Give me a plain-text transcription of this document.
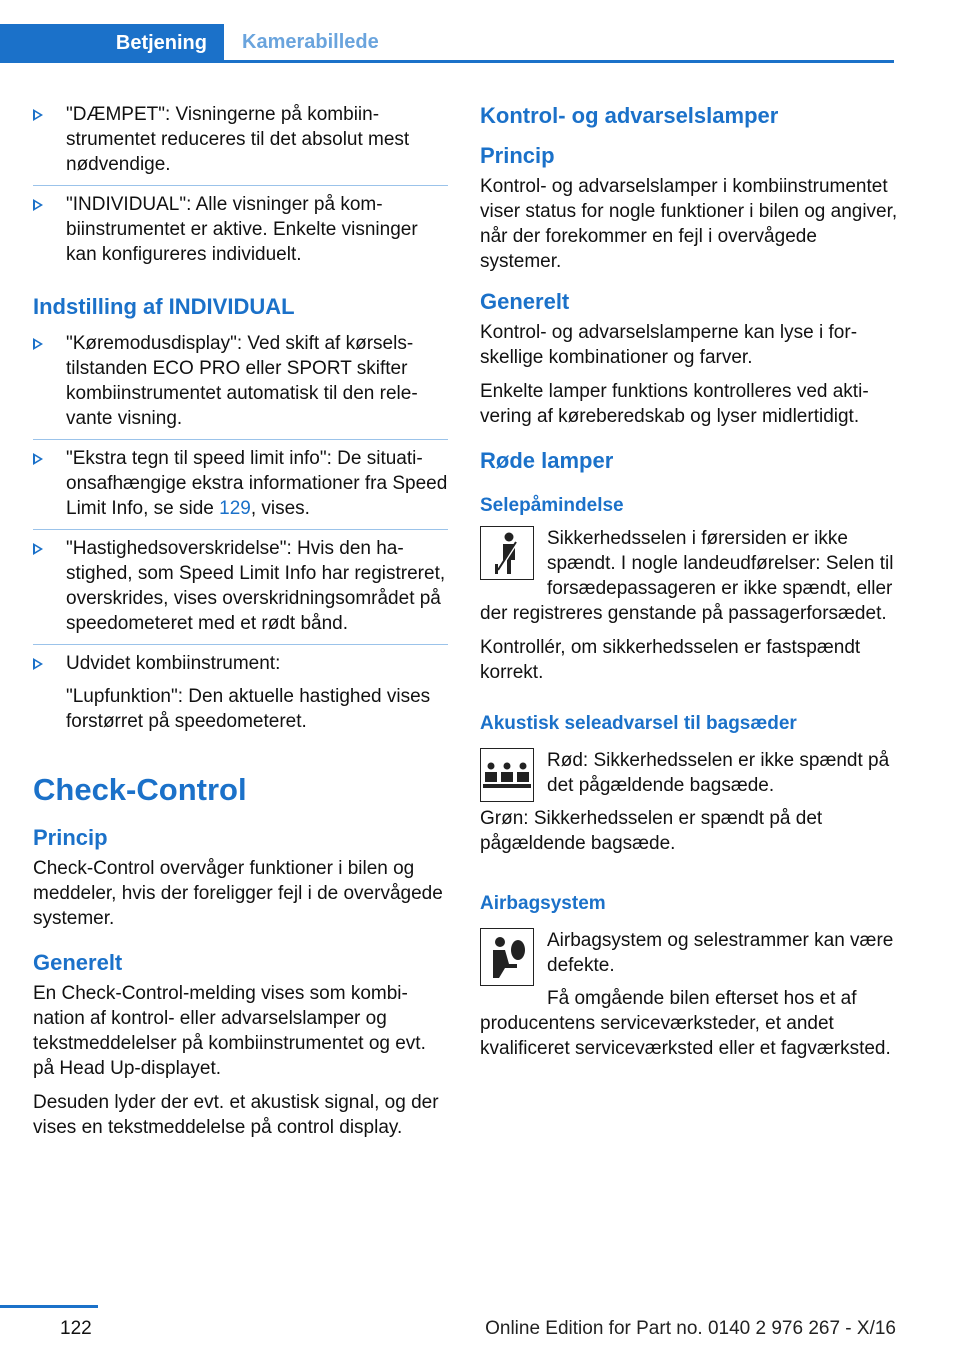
Betjening	Kamerabillede
"DÆMPET": Visningerne på kombiinstrumentet reduceres til det absolut mest nødvendige.
"INDIVIDUAL": Alle visninger på kombiinstrumentet er aktive. Enkelte visninger kan konfigureres individuelt.
Indstilling af INDIVIDUAL
"Køremodusdisplay": Ved skift af kørselstilstanden ECO PRO eller SPORT skifter kombiinstrumentet automatisk til den relevante visning.
"Ekstra tegn til speed limit info": De situationsafhængige ekstra informationer fra Speed Limit Info, se side 129, vises.
"Hastighedsoverskridelse": Hvis den hastighed, som Speed Limit Info har registreret, overskrides, vises overskridningsområdet på speedometeret med et rødt bånd.
Udvidet kombiinstrument:

"Lupfunktion": Den aktuelle hastighed vises forstørret på speedometeret.

Check-Control
Princip

Check-Control overvåger funktioner i bilen og meddeler, hvis der foreligger fejl i de overvågede systemer.

Generelt

En Check-Control-melding vises som kombination af kontrol- eller advarselslamper og tekstmeddelelser på kombiinstrumentet og evt. på Head Up-displayet.

Desuden lyder der evt. et akustisk signal, og der vises en tekstmeddelelse på control display.

Kontrol- og advarselslamper
Princip

Kontrol- og advarselslamper i kombiinstrumentet viser status for nogle funktioner i bilen og angiver, når der forekommer en fejl i overvågede systemer.

Generelt

Kontrol- og advarselslamperne kan lyse i forskellige kombinationer og farver.

Enkelte lamper funktions kontrolleres ved aktivering af køreberedskab og lyser midlertidigt.

Røde lamper
Selepåmindelse
Sikkerhedsselen i førersiden er ikke spændt. I nogle landeudførelser: Selen til forsædepassageren er ikke spændt, eller der registreres genstande på passagerforsædet.

Kontrollér, om sikkerhedsselen er fastspændt korrekt.

Akustisk seleadvarsel til bagsæder
Rød: Sikkerhedsselen er ikke spændt på det pågældende bagsæde.

Grøn: Sikkerhedsselen er spændt på det pågældende bagsæde.

Airbagsystem
Airbagsystem og selestrammer kan være defekte.

Få omgående bilen efterset hos et af producentens serviceværksteder, et andet kvalificeret serviceværksted eller et fagværksted.

122	Online Edition for Part no. 0140 2 976 267 - X/16
